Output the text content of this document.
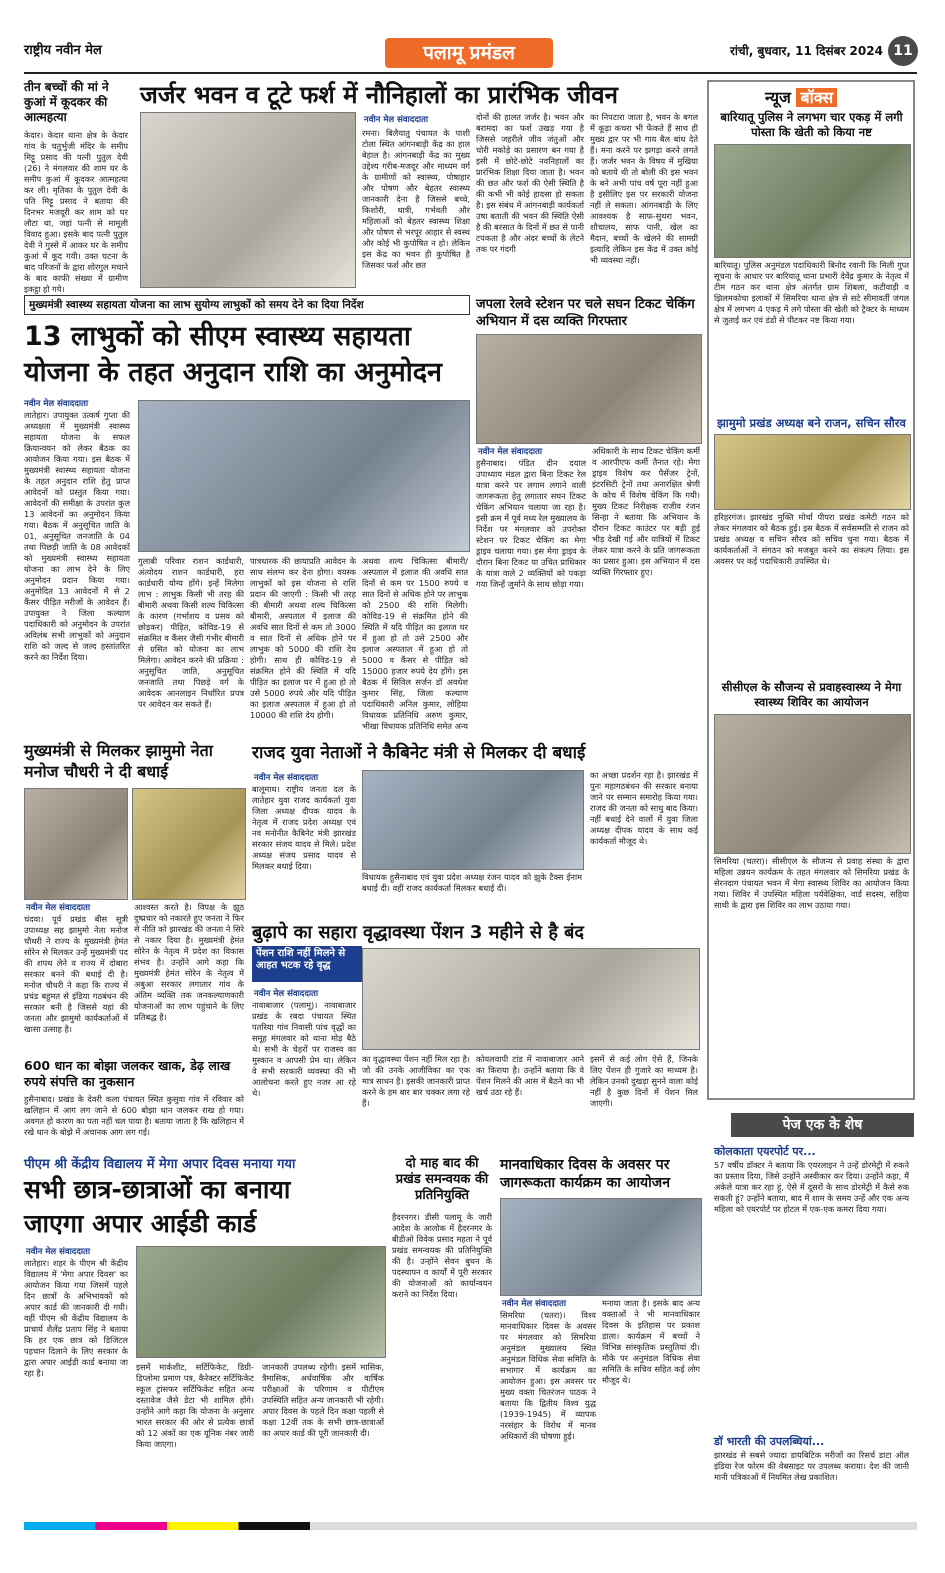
राष्ट्रीय नवीन मेल	पलामू प्रमंडल	रांची, बुधवार, 11 दिसंबर 2024 11
तीन बच्चों की मां ने कुआं में कूदकर की आत्महत्या
केदार। केदार थाना क्षेत्र के केदार गांव के चतुर्भुजी मंदिर के समीप मिट्टू प्रसाद की पत्नी पुतुल देवी (26) ने मंगलवार की शाम घर के समीप कुआं में कूदकर आत्महत्या कर ली। मृतिका के पुतुल देवी के पति मिट्टू प्रसाद ने बताया की दिनभर मजदूरी कर शाम को घर लौटा था, जहां पत्नी से मामूली विवाद हुआ। इसके बाद पत्नी पुतुल देवी ने गुस्से में आकर घर के समीप कुआं में कूद गयी। उक्त घटना के बाद परिजनों के द्वारा शोरगुल मचाने के बाद काफी संख्या में ग्रामीण इकट्ठा हो गये।
जर्जर भवन व टूटे फर्श में नौनिहालों का प्रारंभिक जीवन
नवीन मेल संवाददाता
रमना। बिलैयातु पंचायत के पाशी टोला स्थित आंगनबाड़ी केंद्र का हाल बेहाल है। आंगनबाड़ी केंद्र का मुख्य उद्देश्य गरीब-मजदूर और माध्यम वर्ग के ग्रामीणों को स्वास्थ्य, पोषाहार और पोषण और बेहतर स्वास्थ्य जानकारी देना है जिससे बच्चे, किशोरी, धात्री, गर्भवती और महिलाओं को बेहतर स्वास्थ्य शिक्षा और पोषण से भरपूर आहार से स्वस्थ और कोई भी कुपोषित न हो। लेकिन इस केंद्र का भवन ही कुपोषित है जिसका फर्श और छत
दोनों की हालत जर्जर है। भवन और बरामदा का फर्श उखड़ गया है जिससे जहरीले जीव जंतुओं और चोरी मकोड़े का प्रसारण बन गया है इसी में छोटे-छोटे नवनिहालों का प्रारंभिक शिक्षा दिया जाता है। भवन की छत और फर्श की ऐसी स्थिति है की कभी भी कोई हादसा हो सकता है। इस संबंध में आंगनबाड़ी कार्यकर्ता उषा बताती की भवन की स्थिति ऐसी है की बरसात के दिनों में छत से पानी टपकता है और अंदर बच्चों के लेटने तक पर गंदगी
का निपटारा जाता है, भवन के बगल में कूड़ा कचरा भी फेंकते हैं साथ ही मुख्य द्वार पर भी गाय बैल बांध देते हैं। मना करने पर झगड़ा करने लगते हैं। जर्जर भवन के विषय में मुखिया को बताये थी तो बोली की इस भवन के बने अभी पांच वर्ष पूरा नहीं हुआ है इसीलिए इस पर सरकारी योजना नहीं ले सकता। आंगनबाड़ी के लिए आवश्यक है साफ-सुथरा भवन, शौचालय, साफ पानी, खेल का मैदान, बच्चों के खेलने की सामग्री इत्यादि लेकिन इस केंद्र में उक्त कोई भी व्यवस्था नहीं।
मुख्यमंत्री स्वास्थ्य सहायता योजना का लाभ सुयोग्य लाभुकों को समय देने का दिया निर्देश
13 लाभुकों को सीएम स्वास्थ्य सहायता
योजना के तहत अनुदान राशि का अनुमोदन
नवीन मेल संवाददाता
लातेहार। उपायुक्त उत्कर्ष गुप्ता की अध्यक्षता में मुख्यमंत्री स्वास्थ्य सहायता योजना के सफल क्रियान्वयन को लेकर बैठक का आयोजन किया गया। इस बैठक में मुख्यमंत्री स्वास्थ्य सहायता योजना के तहत अनुदान राशि हेतु प्राप्त आवेदनों को प्रस्तुत किया गया। आवेदनों की समीक्षा के उपरांत कुल 13 आवेदनों का अनुमोदन किया गया। बैठक में अनुसूचित जाति के 01, अनुसूचित जनजाति के 04 तथा पिछड़ी जाति के 08 आवेदकों को मुख्यमंत्री स्वास्थ्य सहायता योजना का लाभ देने के लिए अनुमोदन प्रदान किया गया। अनुमोदित 13 आवेदनों में से 2 कैंसर पीड़ित मरीजों के आवेदन हैं। उपायुक्त ने जिला कल्याण पदाधिकारी को अनुमोदन के उपरांत अविलंब सभी लाभुकों को अनुदान राशि को जल्द से जल्द हस्तांतरित करने का निर्देश दिया।
गुलाबी परिवार राशन कार्डधारी, अंत्योदय राशन कार्डधारी, हरा कार्डधारी योग्य होंगे। इन्हें मिलेगा लाभ : लाभुक किसी भी तरह की बीमारी अथवा किसी शल्य चिकित्सा के कारण (गर्भाशय व प्रसव को छोड़कर) पीड़ित, कोविड-19 से संक्रमित व कैंसर जैसी गंभीर बीमारी से ग्रसित को योजना का लाभ मिलेगा। आवेदन करने की प्रक्रिया : अनुसूचित जाति, अनुसूचित जनजाति तथा पिछड़े वर्ग के आवेदक आनलाइन निर्धारित प्रपत्र पर आवेदन कर सकते हैं।
पात्रधारक की छायाप्रति आवेदन के साथ संलग्न कर देना होगा। वयस्क लाभुकों को इस योजना से राशि प्रदान की जाएगी : किसी भी तरह की बीमारी अथवा शल्य चिकित्सा बीमारी, अस्पताल में इलाज की अवधि सात दिनों से कम तो 3000 व सात दिनों से अधिक होने पर लाभुक को 5000 की राशि देय होगी। साथ ही कोविड-19 से संक्रमित होने की स्थिति में यदि पीड़ित का इलाज घर में हुआ हो तो उसे 5000 रुपये और यदि पीड़ित का इलाज अस्पताल में हुआ हो तो 10000 की राशि देय होगी।
अथवा शल्य चिकित्सा बीमारी/अस्पताल में इलाज की अवधि सात दिनों से कम पर 1500 रुपये व सात दिनों से अधिक होने पर लाभुक को 2500 की राशि मिलेगी। कोविड-19 से संक्रमित होने की स्थिति में यदि पीड़ित का इलाज घर में हुआ हो तो उसे 2500 और इलाज अस्पताल में हुआ हो तो 5000 व कैंसर से पीड़ित को 15000 हजार रुपये देय होंगे। इस बैठक में सिविल सर्जन डॉ अवधेश कुमार सिंह, जिला कल्याण पदाधिकारी अनिल कुमार, लोहिया विधायक प्रतिनिधि अरुण कुमार, भीखा विधायक प्रतिनिधि समेत अन्य
जपला रेलवे स्टेशन पर चले सघन टिकट चेकिंग अभियान में दस व्यक्ति गिरफ्तार
नवीन मेल संवाददाता
हुसैनाबाद। पंडित दीन दयाल उपाध्याय मंडल द्वारा बिना टिकट रेल यात्रा करने पर लगाम लगाने वाली जागरूकता हेतु लगातार सघन टिकट चेकिंग अभियान चलाया जा रहा है। इसी क्रम में पूर्व मध्य रेल मुख्यालय के निर्देश पर मंगलवार को उपरोक्त स्टेशन पर टिकट चेकिंग का मेगा ड्राइव चलाया गया। इस मेगा ड्राइव के दौरान बिना टिकट या उचित प्राधिकार के यात्रा वाले 2 व्यक्तियों को पकड़ा गया जिन्हें जुर्माने के साथ छोड़ा गया।
अधिकारी के साथ टिकट चेकिंग कर्मी व आरपीएफ कर्मी तैनात रहे। मेगा ड्राइव विशेष कर पैसेंजर ट्रेनों, इंटरसिटी ट्रेनों तथा अनारक्षित श्रेणी के कोच में विशेष चेकिंग कि गयी। मुख्य टिकट निरीक्षक राजीव रंजन सिन्हा ने बताया कि अभियान के दौरान टिकट काउंटर पर बड़ी हुई भीड़ देखी गई और यात्रियों में टिकट लेकर यात्रा करने के प्रति जागरूकता का प्रसार हुआ। इस अभियान में दस व्यक्ति गिरफ्तार हुए।
मुख्यमंत्री से मिलकर झामुमो नेता मनोज चौधरी ने दी बधाई
नवीन मेल संवाददाता
चंदवा। पूर्व प्रखंड बीस सूत्री उपाध्यक्ष सह झामुमो नेता मनोज चौधरी ने राज्य के मुख्यमंत्री हेमंत सोरेन से मिलकर उन्हें मुख्यमंत्री पद की शपथ लेने व राज्य में दोबारा सरकार बनने की बधाई दी है। मनोज चौधरी ने कहा कि राज्य में प्रचंड बहुमत से इंडिया गठबंधन की सरकार बनी है जिससे यहां की जनता और झामुमो कार्यकर्ताओं में खासा उत्साह है।
आश्वस्त करते है। विपक्ष के झूठ दुष्प्रचार को नकारते हुए जनता ने फिर से नीति को झारखंड की जनता ने सिरे से नकार दिया है। मुख्यमंत्री हेमंत सोरेन के नेतृत्व में प्रदेश का विकास संभव है। उन्होंने आगे कहा कि मुख्यमंत्री हेमंत सोरेन के नेतृत्व में अबुआ सरकार लगातार गांव के अंतिम व्यक्ति तक जनकल्याणकारी योजनाओं का लाभ पहुंचाने के लिए प्रतिबद्ध है।
राजद युवा नेताओं ने कैबिनेट मंत्री से मिलकर दी बधाई
नवीन मेल संवाददाता
बालूमाथ। राष्ट्रीय जनता दल के लातेहार युवा राजद कार्यकर्ता युवा जिला अध्यक्ष दीपक यादव के नेतृत्व में राजद प्रदेश अध्यक्ष एवं नव मनोनीत कैबिनेट मंत्री झारखंड सरकार संजय यादव से मिले। प्रदेश अध्यक्ष संजय प्रसाद यादव से मिलकर बधाई दिया।
विधायक हुसैनाबाद एवं युवा प्रदेश अध्यक्ष रंजन यादव को झुके टैक्स ईनाम बधाई दी। वहीं राजद कार्यकर्ता मिलकर बधाई दी।
का अच्छा प्रदर्शन रहा है। झारखंड में पुनः महागठबंधन की सरकार बनाया जाने पर सम्मान समारोह किया गया। राजद की जनता को साधु बाद किया। नहीं बधाई देने वालों में युवा जिला अध्यक्ष दीपक यादव के साथ कई कार्यकर्ता मौजूद थे।
600 धान का बोझा जलकर खाक, डेढ़ लाख रुपये संपत्ति का नुकसान
हुसैनाबाद। प्रखंड के देवरी कला पंचायत स्थित कुसुवा गांव में रविवार को खलिहान में आग लग जाने से 600 बोझा धान जलकर राख हो गया। अवगत हो कारण का पता नहीं चल पाया है। बताया जाता है कि खलिहान में रखे धान के बोझे में अचानक आग लग गई।
बुढ़ापे का सहारा वृद्धावस्था पेंशन 3 महीने से है बंद
पेंशन राशि नहीं मिलने से आहत भटक रहे वृद्ध
नवीन मेल संवाददाता
नावाबाजार (पलामू)। नावाबाजार प्रखंड के रबदा पंचायत स्थित पतरिया गांव निवासी पांच वृद्धों का समूह मंगलवार को थाना मोड़ बैठे थे। सभी के चेहरों पर राजस्व का मुस्कान व आपसी प्रेम था। लेकिन वे सभी सरकारी व्यवस्था की भी आलोचना करते हुए नजर आ रहे थे।
का वृद्धावस्था पेंशन नहीं मिल रहा है। जो की उनके आजीविका का एक मात्र साधन है। इसकी जानकारी प्राप्त करने के हम बार बार चक्कर लगा रहे हैं।
कोयलवापी टांड में नावाबाजार आने का किराया है। उन्होंने बताया कि वे पेंशन मिलने की आस में बैठने का भी खर्च उठा रहे हैं।
इसमें से कई लोग ऐसे हैं, जिनके लिए पेंशन ही गुजारे का माध्यम है। लेकिन उनको दुखड़ा सुनने वाला कोई नहीं है कुछ दिनों में पेंशन मिल जाएगी।
पीएम श्री केंद्रीय विद्यालय में मेगा अपार दिवस मनाया गया
सभी छात्र-छात्राओं का बनाया
जाएगा अपार आईडी कार्ड
नवीन मेल संवाददाता
लातेहार। शहर के पीएम श्री केंद्रीय विद्यालय में 'मेगा अपार दिवस' का आयोजन किया गया जिसमें पहले दिन छात्रों के अभिभावकों को अपार कार्ड की जानकारी दी गयी। वहीं पीएम श्री केंद्रीय विद्यालय के प्राचार्य शैलेंद्र प्रताप सिंह ने बताया कि हर एक छात्र को डिजिटल पहचान दिलाने के लिए सरकार के द्वारा अपार आईडी कार्ड बनाया जा रहा है।
इसमें मार्कशीट, सर्टिफिकेट, डिग्री-डिप्लोमा प्रमाण पत्र, कैरेक्टर सर्टिफिकेट स्कूल ट्रांसफर सर्टिफिकेट सहित अन्य दस्तावेज जैसे डेटा भी शामिल होंगे। उन्होंने आगे कहा कि योजना के अनुसार भारत सरकार की ओर से प्रत्येक छात्रों को 12 अंकों का एक यूनिक नंबर जारी किया जाएगा।
जानकारी उपलब्ध रहेगी। इसमें मासिक, त्रैमासिक, अर्धवार्षिक और वार्षिक परीक्षाओं के परिणाम व पीटीएम उपस्थिति सहित अन्य जानकारी भी रहेगी। अपार दिवस के पहले दिन कक्षा पहली से कक्षा 12वीं तक के सभी छात्र-छात्राओं का अपार कार्ड की पूरी जानकारी दी।
दो माह बाद की प्रखंड समन्वयक की प्रतिनियुक्ति
हैदरनगर। डीसी पलामू के जारी आदेश के आलोक में हैदरनगर के बीडीओ विवेक प्रसाद महता ने पूर्व प्रखंड समन्वयक की प्रतिनियुक्ति की है। उन्होंने सेवन बुधन के पदस्थापन व कार्यों में पूरी सरकार की योजनाओं को कार्यान्वयन कराने का निर्देश दिया।
मानवाधिकार दिवस के अवसर पर जागरूकता कार्यक्रम का आयोजन
नवीन मेल संवाददाता
सिमरिया (चतरा)। विश्व मानवाधिकार दिवस के अवसर पर मंगलवार को सिमरिया अनुमंडल मुख्यालय स्थित अनुमंडल विधिक सेवा समिति के सभागार में कार्यक्रम का आयोजन हुआ। इस अवसर पर मुख्य वक्ता चितरंजन पाठक ने बताया कि द्वितीय विश्व युद्ध (1939-1945) में व्यापक नरसंहार के विरोध में मानव अधिकारों की घोषणा हुई।
मनाया जाता है। इसके बाद अन्य वक्ताओं ने भी मानवाधिकार दिवस के इतिहास पर प्रकाश डाला। कार्यक्रम में बच्चों ने विभिन्न सांस्कृतिक प्रस्तुतियां दी। मौके पर अनुमंडल विधिक सेवा समिति के सचिव सहित कई लोग मौजूद थे।
न्यूज बॉक्स
बारियातू पुलिस ने लगभग चार एकड़ में लगी पोस्ता कि खेती को किया नष्ट
बारियातू। पुलिस अनुमंडल पदाधिकारी बिनोद रवानी कि मिली गुप्त सूचना के आधार पर बारियातू थाना प्रभारी देवेंद्र कुमार के नेतृत्व में टीम गठन कर थाना क्षेत्र अंतर्गत ग्राम शिबला, कटीवाड़ी व झिलमकोचा इलाकों में सिमरिया थाना क्षेत्र से सटे सीमावर्ती जंगल क्षेत्र में लगभग 4 एकड़ में लगे पोस्ता की खेती को ट्रैक्टर के माध्यम से जुताई कर एवं डंडों से पीटकर नष्ट किया गया।
झामुमो प्रखंड अध्यक्ष बने राजन, सचिन सौरव
हरिहरगंज। झारखंड मुक्ति मोर्चा पीपरा प्रखंड कमेटी गठन को लेकर मंगलवार को बैठक हुई। इस बैठक में सर्वसम्मति से राजन को प्रखंड अध्यक्ष व सचिन सौरव को सचिव चुना गया। बैठक में कार्यकर्ताओं ने संगठन को मजबूत करने का संकल्प लिया। इस अवसर पर कई पदाधिकारी उपस्थित थे।
सीसीएल के सौजन्य से प्रवाहस्वास्थ्य ने मेगा स्वास्थ्य शिविर का आयोजन
सिमरिया (चतरा)। सीसीएल के सौजन्य से प्रवाह संस्था के द्वारा महिला उन्नयन कार्यक्रम के तहत मंगलवार को सिमरिया प्रखंड के सेरनदाग पंचायत भवन में मेगा स्वास्थ्य शिविर का आयोजन किया गया। शिविर में उपस्थित महिला पर्यवेक्षिका, वार्ड सदस्य, सहिया साथी के द्वारा इस शिविर का लाभ उठाया गया।
पेज एक के शेष
कोलकाता एयरपोर्ट पर...
57 वर्षीय डॉक्टर ने बताया कि एयरलाइन ने उन्हें डोरमेट्री में रुकने का प्रस्ताव दिया, जिसे उन्होंने अस्वीकार कर दिया। उन्होंने कहा, मैं अकेले यात्रा कर रहा हूं, ऐसे में दूसरों के साथ डोरमेट्री में कैसे रुक सकती हूं? उन्होंने बताया, बाद में शाम के समय उन्हें और एक अन्य महिला को एयरपोर्ट पर होटल में एक-एक कमरा दिया गया।
डॉ भारती की उपलब्धियां...
झारखंड से सबसे ज्यादा डायबिटिक मरीजों का रिसर्च डाटा ऑल इंडिया रेज फोरम की वेबसाइट पर उपलब्ध कराया। देश की जानी मानी पत्रिकाओं में नियमित लेख प्रकाशित।
